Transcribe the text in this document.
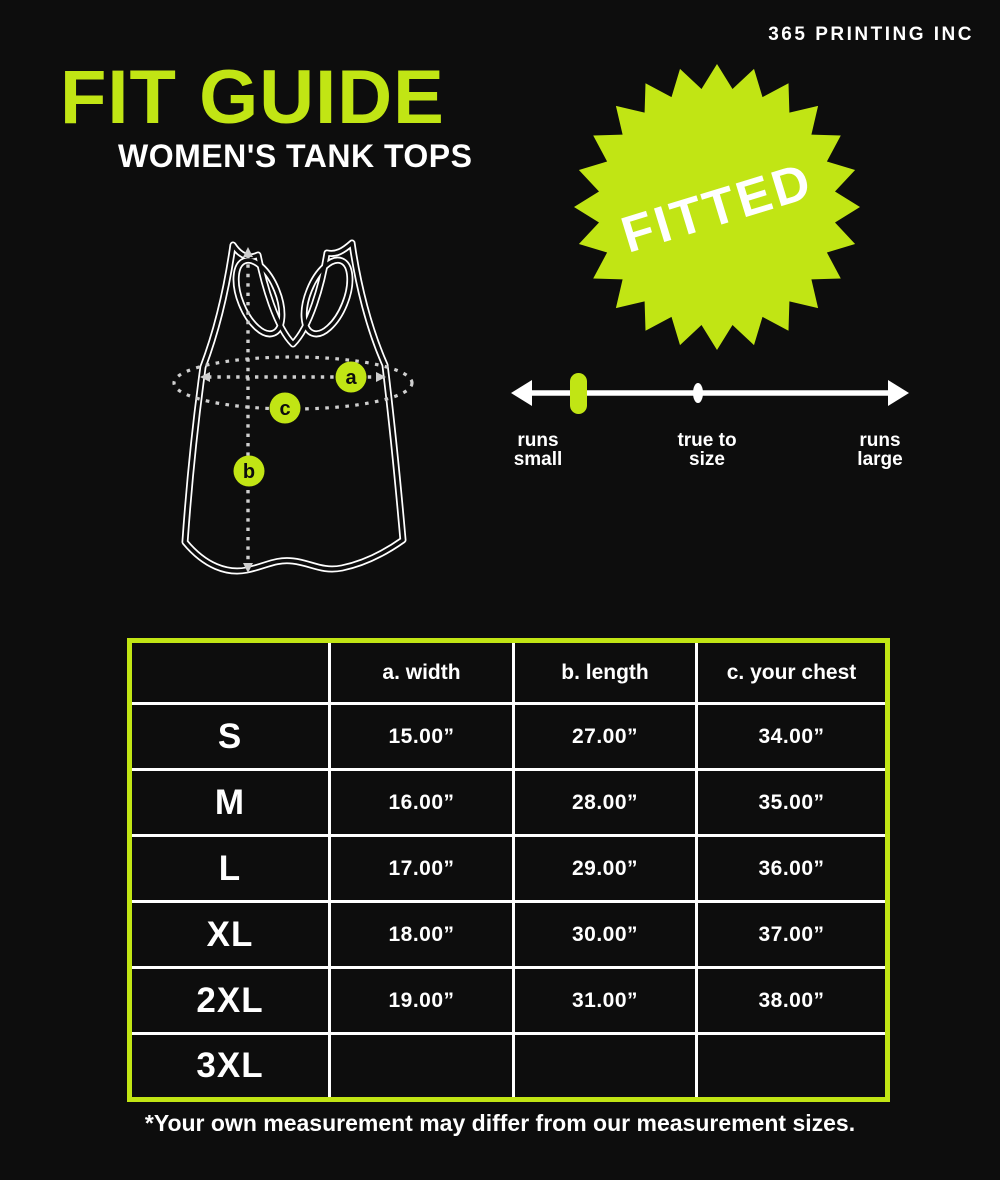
365 PRINTING INC
FIT GUIDE
WOMEN'S TANK TOPS
a
b
c
FITTED
runs
small
true to
size
runs
large
	a. width	b. length	c. your chest
S	15.00”	27.00”	34.00”
M	16.00”	28.00”	35.00”
L	17.00”	29.00”	36.00”
XL	18.00”	30.00”	37.00”
2XL	19.00”	31.00”	38.00”
3XL			
*Your own measurement may differ from our measurement sizes.
